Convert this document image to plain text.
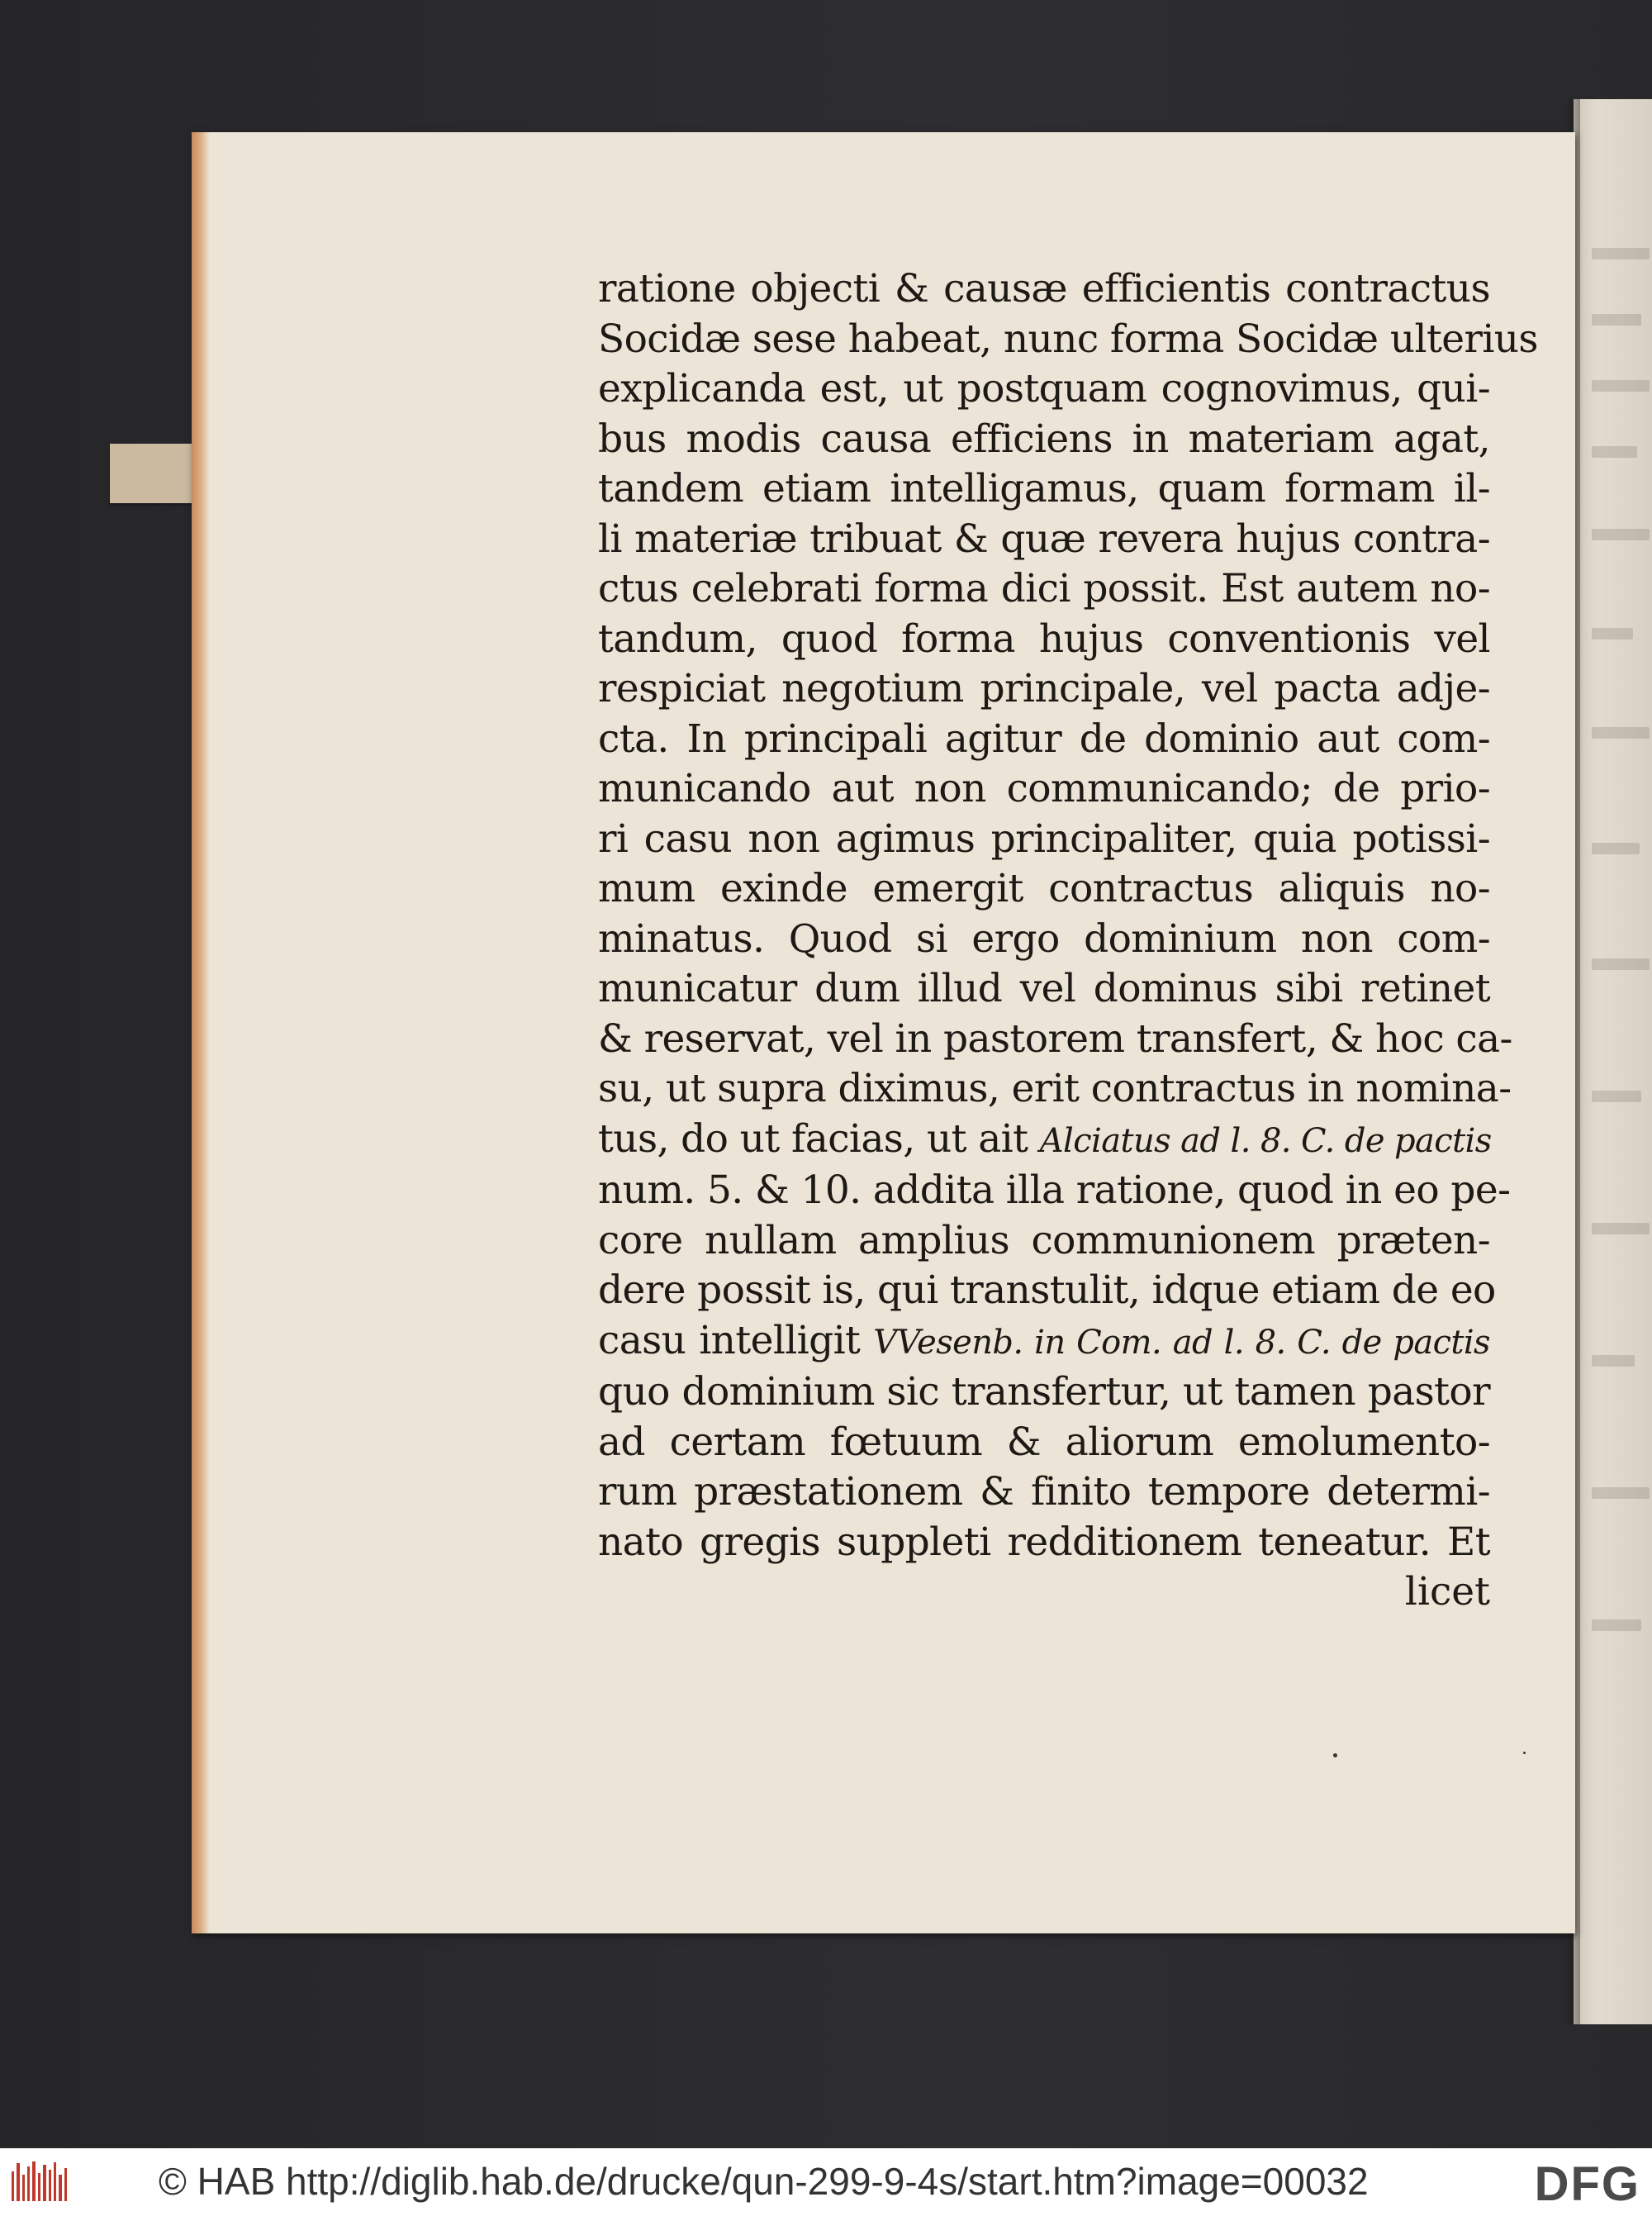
ratione objecti & causæ efficientis contractus
Socidæ sese habeat, nunc forma Socidæ ulterius
explicanda est, ut postquam cognovimus, qui-
bus modis causa efficiens in materiam agat,
tandem etiam intelligamus, quam formam il-
li materiæ tribuat & quæ revera hujus contra-
ctus celebrati forma dici possit. Est autem no-
tandum, quod forma hujus conventionis vel
respiciat negotium principale, vel pacta adje-
cta. In principali agitur de dominio aut com-
municando aut non communicando; de prio-
ri casu non agimus principaliter, quia potissi-
mum exinde emergit contractus aliquis no-
minatus. Quod si ergo dominium non com-
municatur dum illud vel dominus sibi retinet
& reservat, vel in pastorem transfert, & hoc ca-
su, ut supra diximus, erit contractus in nomina-
tus, do ut facias, ut ait Alciatus ad l. 8. C. de pactis
num. 5. & 10. addita illa ratione, quod in eo pe-
core nullam amplius communionem præten-
dere possit is, qui transtulit, idque etiam de eo
casu intelligit VVesenb. in Com. ad l. 8. C. de pactis
quo dominium sic transfertur, ut tamen pastor
ad certam fœtuum & aliorum emolumento-
rum præstationem & finito tempore determi-
nato gregis suppleti redditionem teneatur. Et
licet
© HAB http://diglib.hab.de/drucke/qun-299-9-4s/start.htm?image=00032	DFG
